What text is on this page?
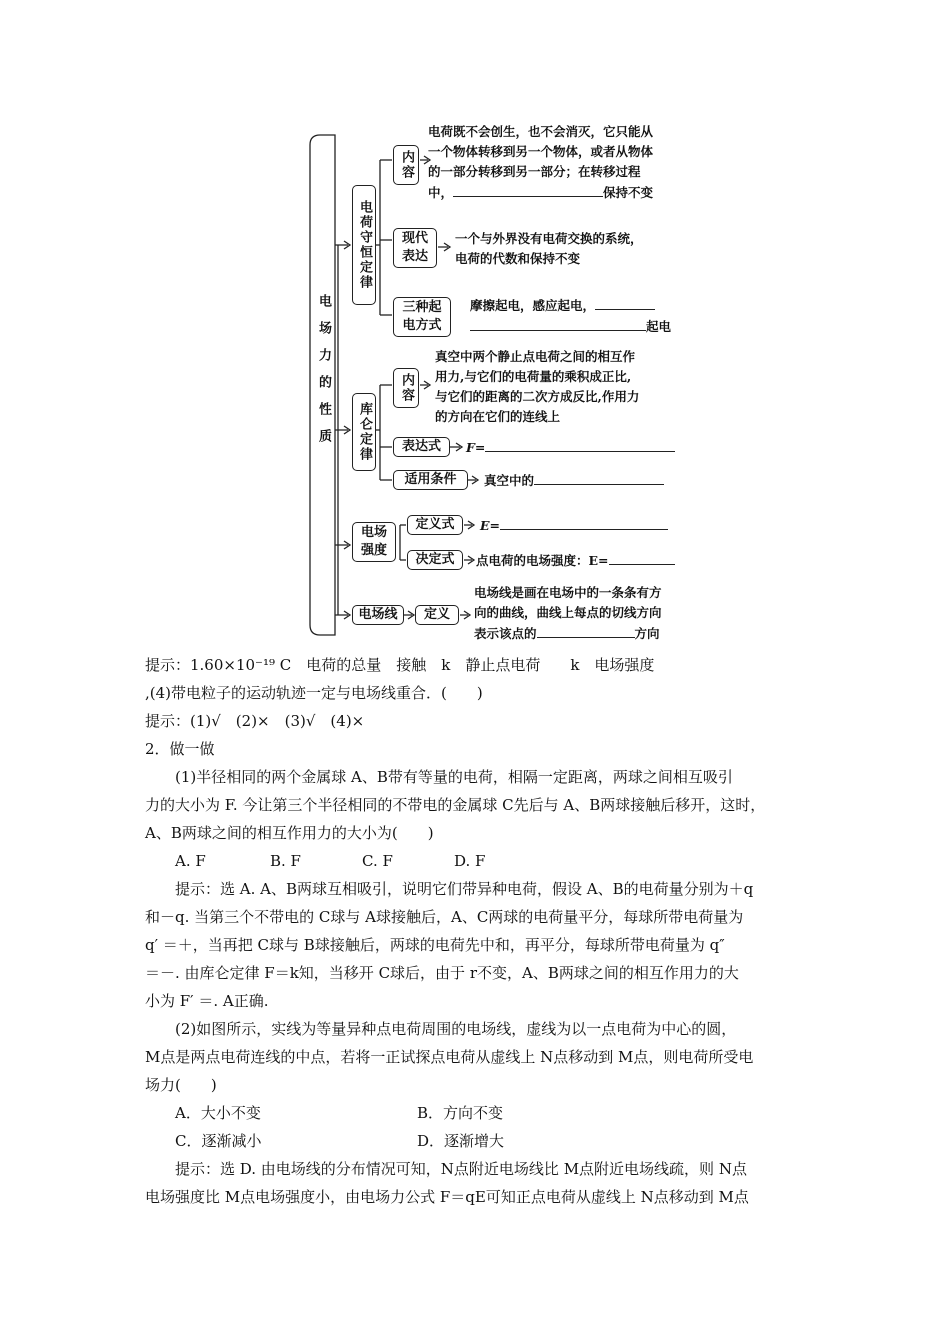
电场力的性质
电荷守恒定律
内容
电荷既不会创生，也不会消灭，它只能从
一个物体转移到另一个物体，或者从物体
的一部分转移到另一部分；在转移过程
中，	保持不变
现代表达
一个与外界没有电荷交换的系统，
电荷的代数和保持不变
三种起电方式
摩擦起电，感应起电，
起电
库仑定律
内容
真空中两个静止点电荷之间的相互作
用力,与它们的电荷量的乘积成正比,
与它们的距离的二次方成反比,作用力
的方向在它们的连线上
表达式	F=
适用条件	真空中的
电场强度
定义式	E=
决定式	点电荷的电场强度：E=
电场线	定义
电场线是画在电场中的一条条有方
向的曲线，曲线上每点的切线方向
表示该点的	方向
提示：1.60×10⁻¹⁹ C　电荷的总量　接触　k　静止点电荷　　k　电场强度
,(4)带电粒子的运动轨迹一定与电场线重合．(　　)
提示：(1)√　(2)×　(3)√　(4)×
2．做一做
(1)半径相同的两个金属球 A、B带有等量的电荷，相隔一定距离，两球之间相互吸引
力的大小为 F. 今让第三个半径相同的不带电的金属球 C先后与 A、B两球接触后移开，这时，
A、B两球之间的相互作用力的大小为(　　)
A. F	B. F	C. F	D. F
提示：选 A. A、B两球互相吸引，说明它们带异种电荷，假设 A、B的电荷量分别为＋q
和－q. 当第三个不带电的 C球与 A球接触后，A、C两球的电荷量平分，每球所带电荷量为
q′ ＝＋，当再把 C球与 B球接触后，两球的电荷先中和，再平分，每球所带电荷量为 q″
＝－. 由库仑定律 F＝k知，当移开 C球后，由于 r不变，A、B两球之间的相互作用力的大
小为 F′ ＝. A正确.
(2)如图所示，实线为等量异种点电荷周围的电场线，虚线为以一点电荷为中心的圆，
M点是两点电荷连线的中点，若将一正试探点电荷从虚线上 N点移动到 M点，则电荷所受电
场力(　　)
A．大小不变	B．方向不变
C．逐渐减小	D．逐渐增大
提示：选 D. 由电场线的分布情况可知，N点附近电场线比 M点附近电场线疏，则 N点
电场强度比 M点电场强度小，由电场力公式 F＝qE可知正点电荷从虚线上 N点移动到 M点
